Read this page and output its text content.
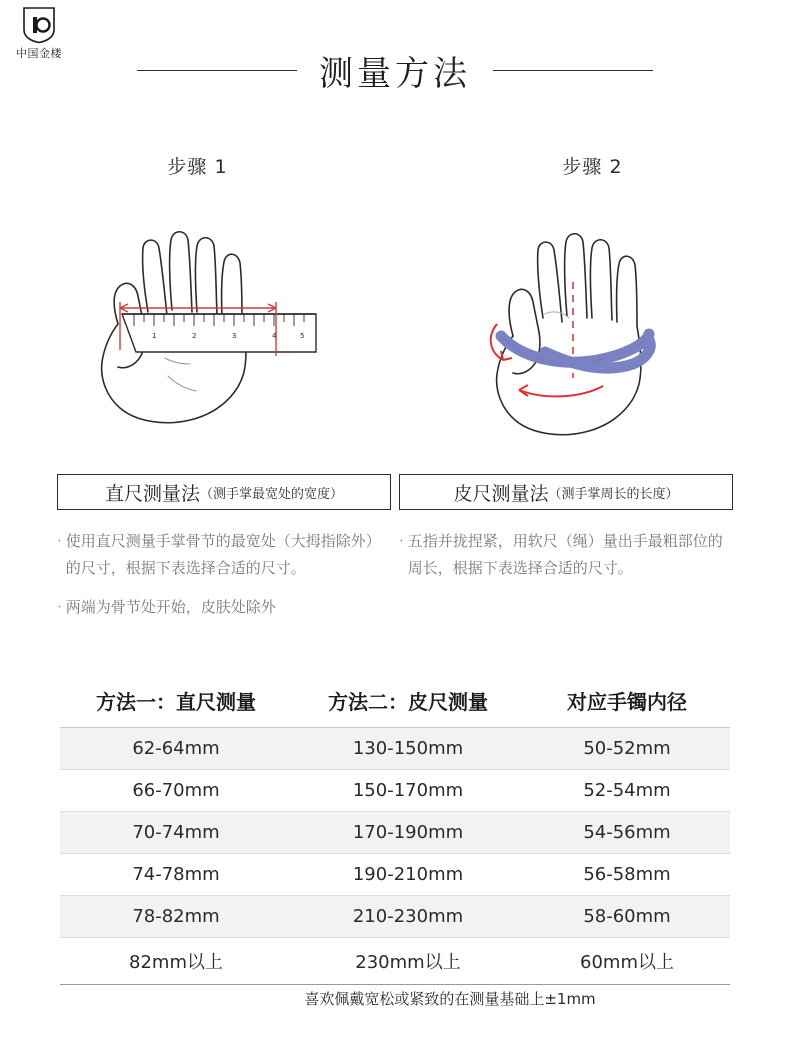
中国金楼
测量方法
步骤 1	步骤 2
1	2	3	4	5
直尺测量法 （测手掌最宽处的宽度）	皮尺测量法 （测手掌周长的长度）
· 使用直尺测量手掌骨节的最宽处（大拇指除外）的尺寸，根据下表选择合适的尺寸。
· 两端为骨节处开始，皮肤处除外
· 五指并拢捏紧，用软尺（绳）量出手最粗部位的周长，根据下表选择合适的尺寸。
方法一：直尺测量	方法二：皮尺测量	对应手镯内径
62-64mm	130-150mm	50-52mm
66-70mm	150-170mm	52-54mm
70-74mm	170-190mm	54-56mm
74-78mm	190-210mm	56-58mm
78-82mm	210-230mm	58-60mm
82mm以上	230mm以上	60mm以上
喜欢佩戴宽松或紧致的在测量基础上±1mm
